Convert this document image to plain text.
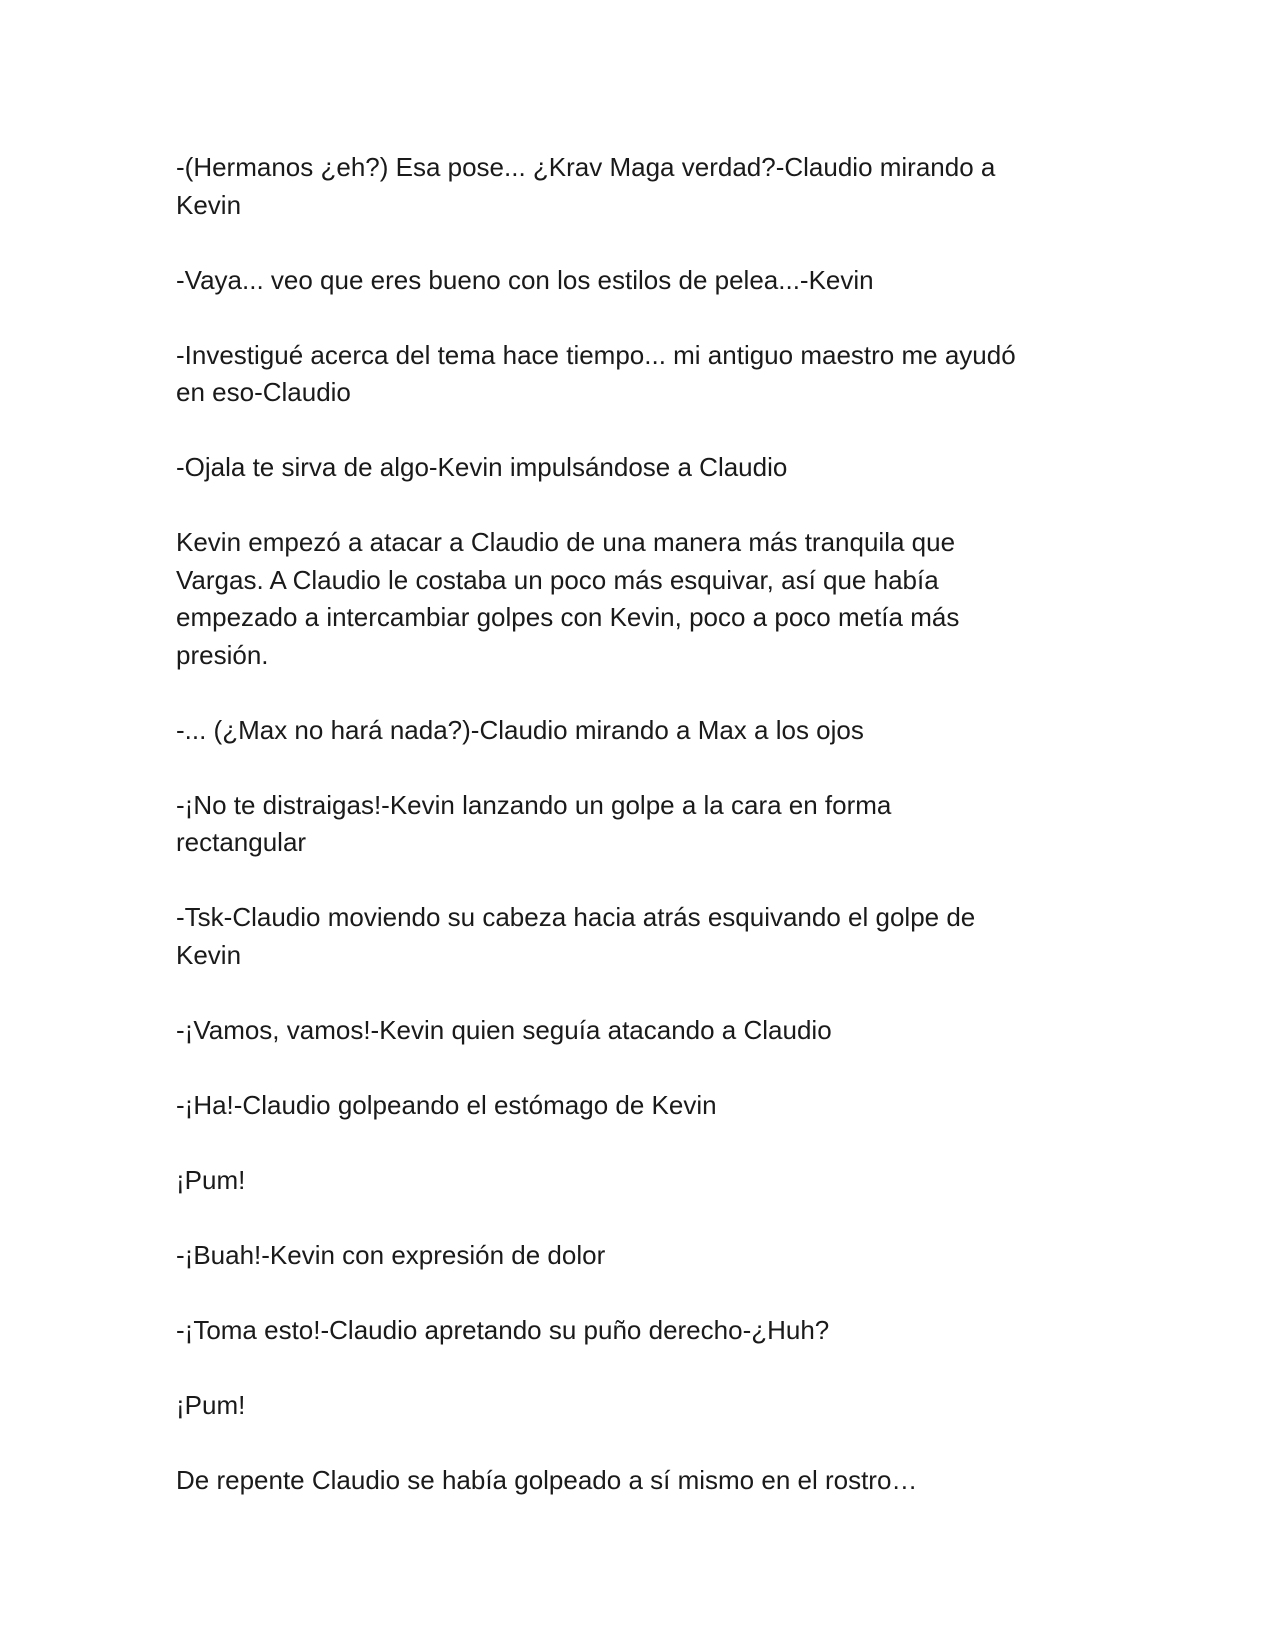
-(Hermanos ¿eh?) Esa pose... ¿Krav Maga verdad?-Claudio mirando a
Kevin

-Vaya... veo que eres bueno con los estilos de pelea...-Kevin

-Investigué acerca del tema hace tiempo... mi antiguo maestro me ayudó
en eso-Claudio

-Ojala te sirva de algo-Kevin impulsándose a Claudio

Kevin empezó a atacar a Claudio de una manera más tranquila que
Vargas. A Claudio le costaba un poco más esquivar, así que había
empezado a intercambiar golpes con Kevin, poco a poco metía más
presión.

-... (¿Max no hará nada?)-Claudio mirando a Max a los ojos

-¡No te distraigas!-Kevin lanzando un golpe a la cara en forma
rectangular

-Tsk-Claudio moviendo su cabeza hacia atrás esquivando el golpe de
Kevin

-¡Vamos, vamos!-Kevin quien seguía atacando a Claudio

-¡Ha!-Claudio golpeando el estómago de Kevin

¡Pum!

-¡Buah!-Kevin con expresión de dolor

-¡Toma esto!-Claudio apretando su puño derecho-¿Huh?

¡Pum!

De repente Claudio se había golpeado a sí mismo en el rostro…
